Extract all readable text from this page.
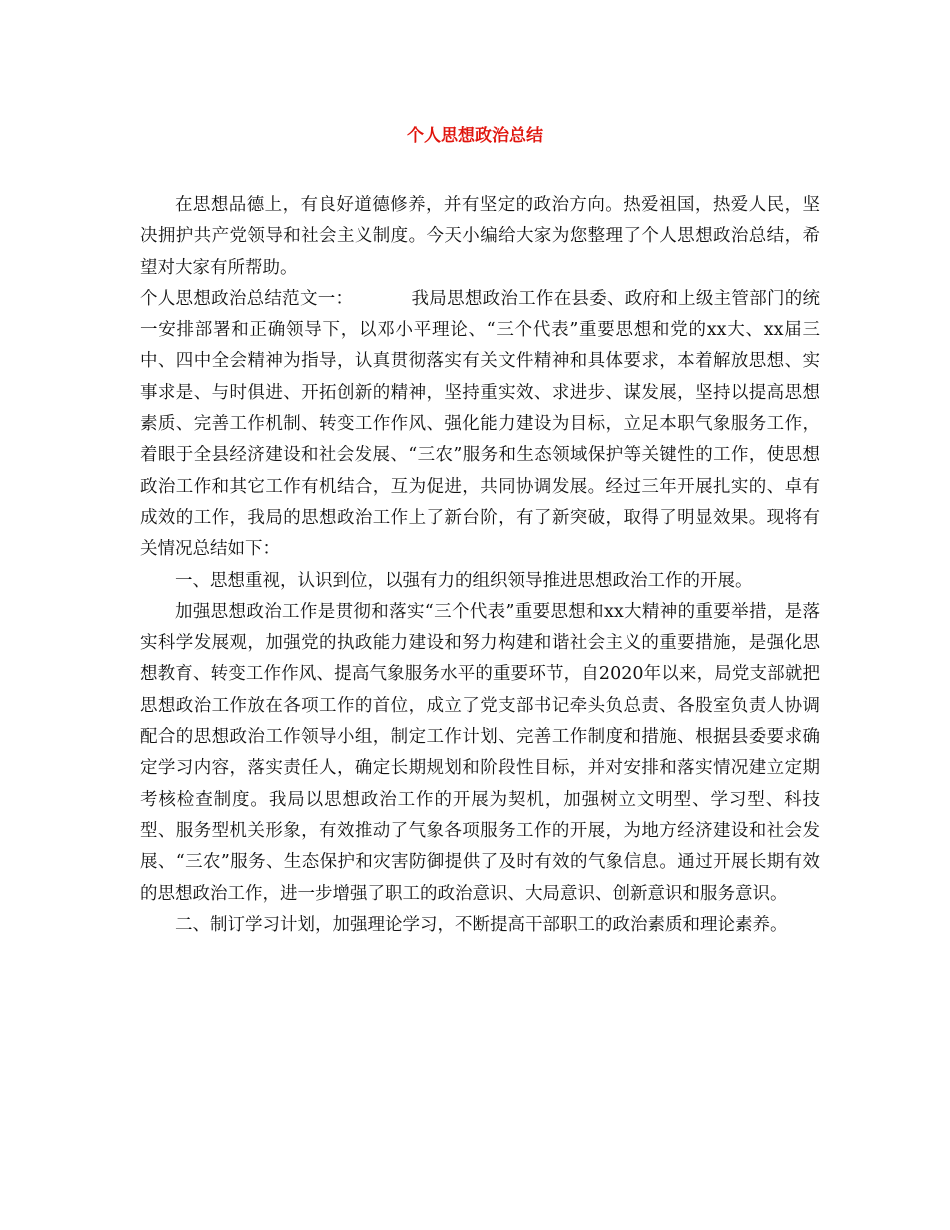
个人思想政治总结

在思想品德上，有良好道德修养，并有坚定的政治方向。热爱祖国，热爱人民，坚决拥护共产党领导和社会主义制度。今天小编给大家为您整理了个人思想政治总结，希望对大家有所帮助。

个人思想政治总结范文一：	我局思想政治工作在县委、政府和上级主管部门的统一安排部署和正确领导下，以邓小平理论、“三个代表”重要思想和党的xx大、xx届三中、四中全会精神为指导，认真贯彻落实有关文件精神和具体要求，本着解放思想、实事求是、与时俱进、开拓创新的精神，坚持重实效、求进步、谋发展，坚持以提高思想素质、完善工作机制、转变工作作风、强化能力建设为目标，立足本职气象服务工作，着眼于全县经济建设和社会发展、“三农”服务和生态领域保护等关键性的工作，使思想政治工作和其它工作有机结合，互为促进，共同协调发展。经过三年开展扎实的、卓有成效的工作，我局的思想政治工作上了新台阶，有了新突破，取得了明显效果。现将有关情况总结如下：

一、思想重视，认识到位，以强有力的组织领导推进思想政治工作的开展。

加强思想政治工作是贯彻和落实“三个代表”重要思想和xx大精神的重要举措，是落实科学发展观，加强党的执政能力建设和努力构建和谐社会主义的重要措施，是强化思想教育、转变工作作风、提高气象服务水平的重要环节，自2020年以来，局党支部就把思想政治工作放在各项工作的首位，成立了党支部书记牵头负总责、各股室负责人协调配合的思想政治工作领导小组，制定工作计划、完善工作制度和措施、根据县委要求确定学习内容，落实责任人，确定长期规划和阶段性目标，并对安排和落实情况建立定期考核检查制度。我局以思想政治工作的开展为契机，加强树立文明型、学习型、科技型、服务型机关形象，有效推动了气象各项服务工作的开展，为地方经济建设和社会发展、“三农”服务、生态保护和灾害防御提供了及时有效的气象信息。通过开展长期有效的思想政治工作，进一步增强了职工的政治意识、大局意识、创新意识和服务意识。

二、制订学习计划，加强理论学习，不断提高干部职工的政治素质和理论素养。
